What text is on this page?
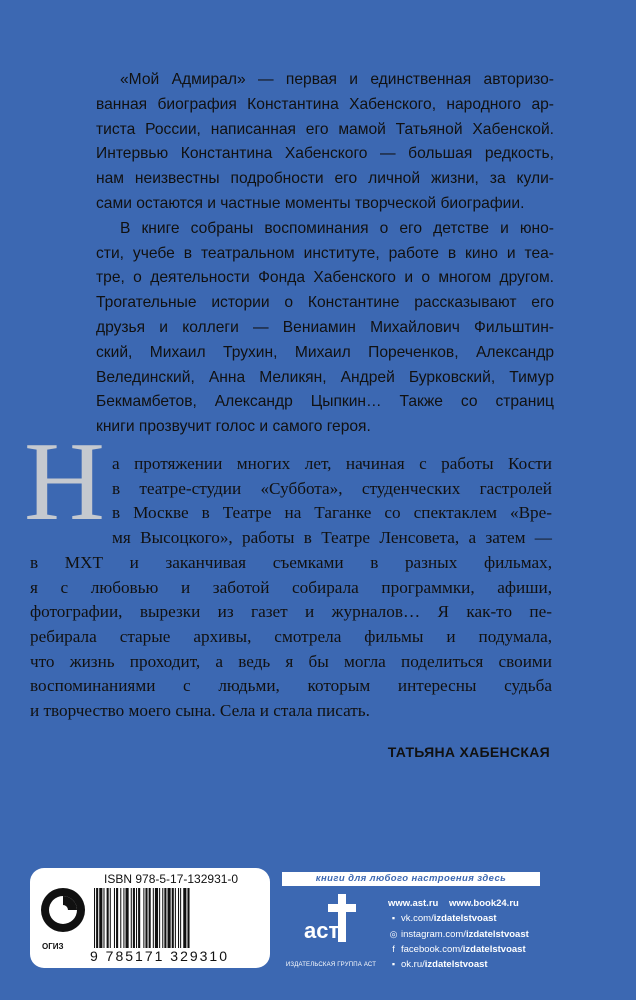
«Мой Адмирал» — первая и единственная авторизо-
ванная биография Константина Хабенского, народного ар-
тиста России, написанная его мамой Татьяной Хабенской.
Интервью Константина Хабенского — большая редкость,
нам неизвестны подробности его личной жизни, за кули-
сами остаются и частные моменты творческой биографии.
В книге собраны воспоминания о его детстве и юно-
сти, учебе в театральном институте, работе в кино и теа-
тре, о деятельности Фонда Хабенского и о многом другом.
Трогательные истории о Константине рассказывают его
друзья и коллеги — Вениамин Михайлович Фильштин-
ский, Михаил Трухин, Михаил Пореченков, Александр
Велединский, Анна Меликян, Андрей Бурковский, Тимур
Бекмамбетов, Александр Цыпкин… Также со страниц
книги прозвучит голос и самого героя.
Н а протяжении многих лет, начиная с работы Кости
в театре-студии «Суббота», студенческих гастролей
в Москве в Театре на Таганке со спектаклем «Вре-
мя Высоцкого», работы в Театре Ленсовета, а затем —
в МХТ и заканчивая съемками в разных фильмах,
я с любовью и заботой собирала программки, афиши,
фотографии, вырезки из газет и журналов… Я как-то пе-
ребирала старые архивы, смотрела фильмы и подумала,
что жизнь проходит, а ведь я бы могла поделиться своими
воспоминаниями с людьми, которым интересны судьба
и творчество моего сына. Села и стала писать.
ТАТЬЯНА ХАБЕНСКАЯ
ОГИЗ
ISBN 978-5-17-132931-0
9 785171 329310
книги для любого настроения здесь
аст
ИЗДАТЕЛЬСКАЯ ГРУППА АСТ
www.ast.ru www.book24.ru
▪ vk.com/izdatelstvoast
◎ instagram.com/izdatelstvoast
f facebook.com/izdatelstvoast
▪ ok.ru/izdatelstvoast
